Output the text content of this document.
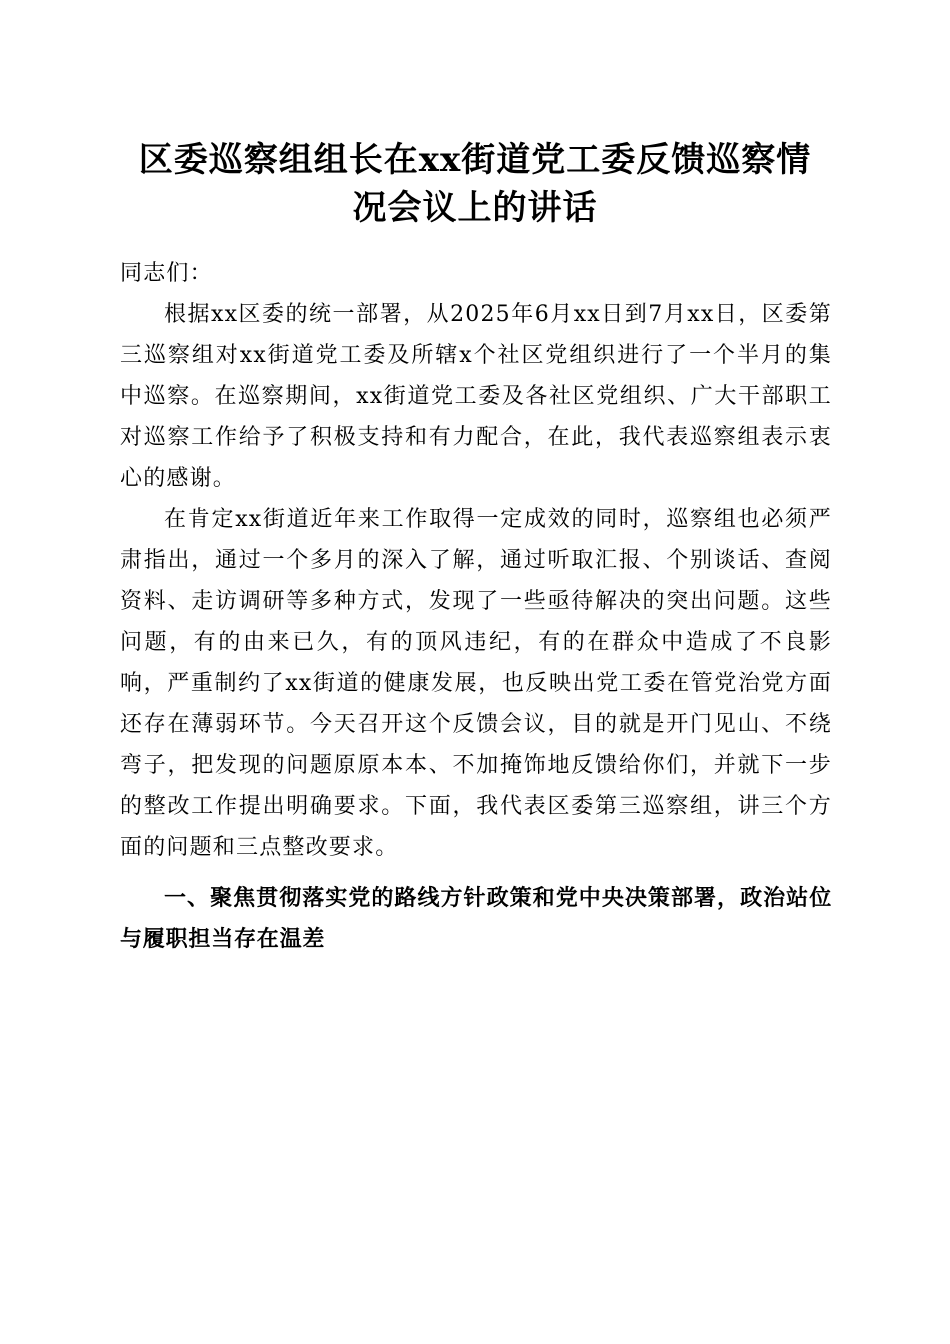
区委巡察组组长在xx街道党工委反馈巡察情
况会议上的讲话

同志们：

根据xx区委的统一部署，从2025年6月xx日到7月xx日，区委第三巡察组对xx街道党工委及所辖x个社区党组织进行了一个半月的集中巡察。在巡察期间，xx街道党工委及各社区党组织、广大干部职工对巡察工作给予了积极支持和有力配合，在此，我代表巡察组表示衷心的感谢。

在肯定xx街道近年来工作取得一定成效的同时，巡察组也必须严肃指出，通过一个多月的深入了解，通过听取汇报、个别谈话、查阅资料、走访调研等多种方式，发现了一些亟待解决的突出问题。这些问题，有的由来已久，有的顶风违纪，有的在群众中造成了不良影响，严重制约了xx街道的健康发展，也反映出党工委在管党治党方面还存在薄弱环节。今天召开这个反馈会议，目的就是开门见山、不绕弯子，把发现的问题原原本本、不加掩饰地反馈给你们，并就下一步的整改工作提出明确要求。下面，我代表区委第三巡察组，讲三个方面的问题和三点整改要求。

一、聚焦贯彻落实党的路线方针政策和党中央决策部署，政治站位与履职担当存在温差
